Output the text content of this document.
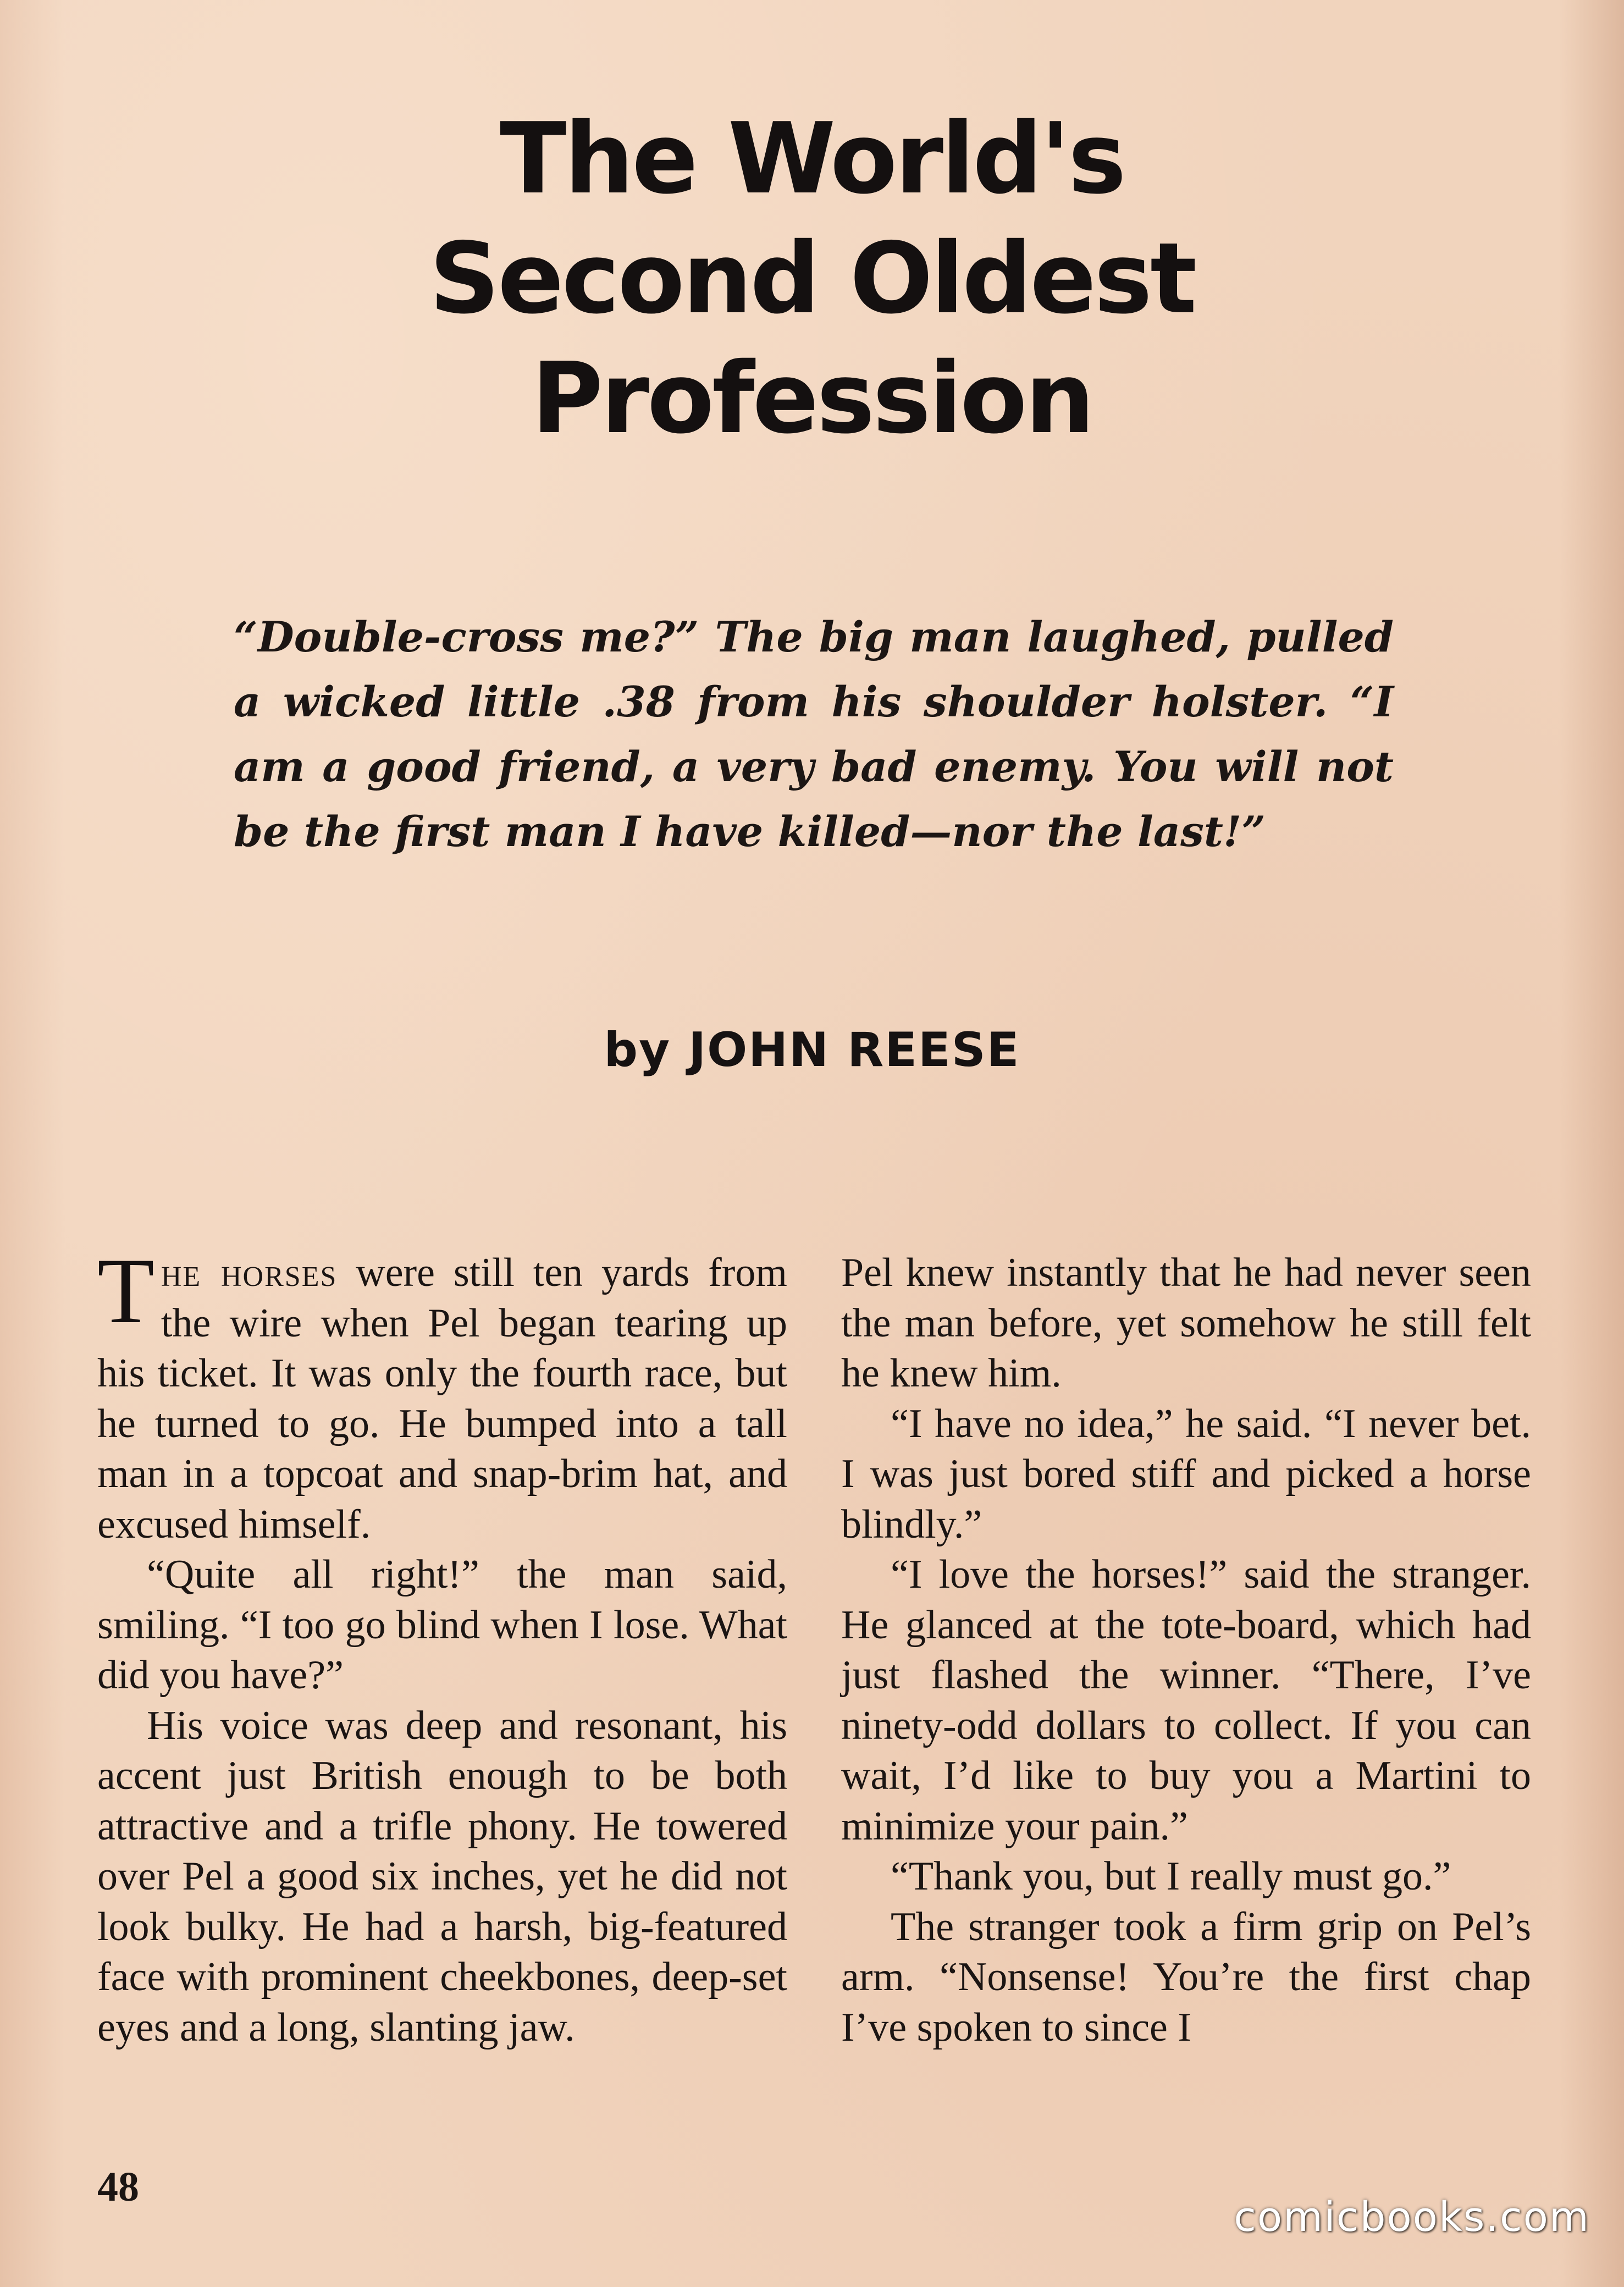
The World's
Second Oldest
Profession
“Double-cross me?” The big man laughed, pulled a wicked little .38 from his shoulder holster. “I am a good friend, a very bad enemy. You will not be the first man I have killed—nor the last!”
by JOHN REESE

The horses were still ten yards from the wire when Pel began tearing up his ticket. It was only the fourth race, but he turned to go. He bumped into a tall man in a topcoat and snap-brim hat, and excused himself.

“Quite all right!” the man said, smiling. “I too go blind when I lose. What did you have?”

His voice was deep and resonant, his accent just British enough to be both attractive and a trifle phony. He towered over Pel a good six inches, yet he did not look bulky. He had a harsh, big-featured face with prominent cheekbones, deep-set eyes and a long, slanting jaw.

Pel knew instantly that he had never seen the man before, yet somehow he still felt he knew him.

“I have no idea,” he said. “I never bet. I was just bored stiff and picked a horse blindly.”

“I love the horses!” said the stranger. He glanced at the tote-board, which had just flashed the winner. “There, I’ve ninety-odd dollars to collect. If you can wait, I’d like to buy you a Martini to minimize your pain.”

“Thank you, but I really must go.”

The stranger took a firm grip on Pel’s arm. “Nonsense! You’re the first chap I’ve spoken to since I

48
comicbooks.com
